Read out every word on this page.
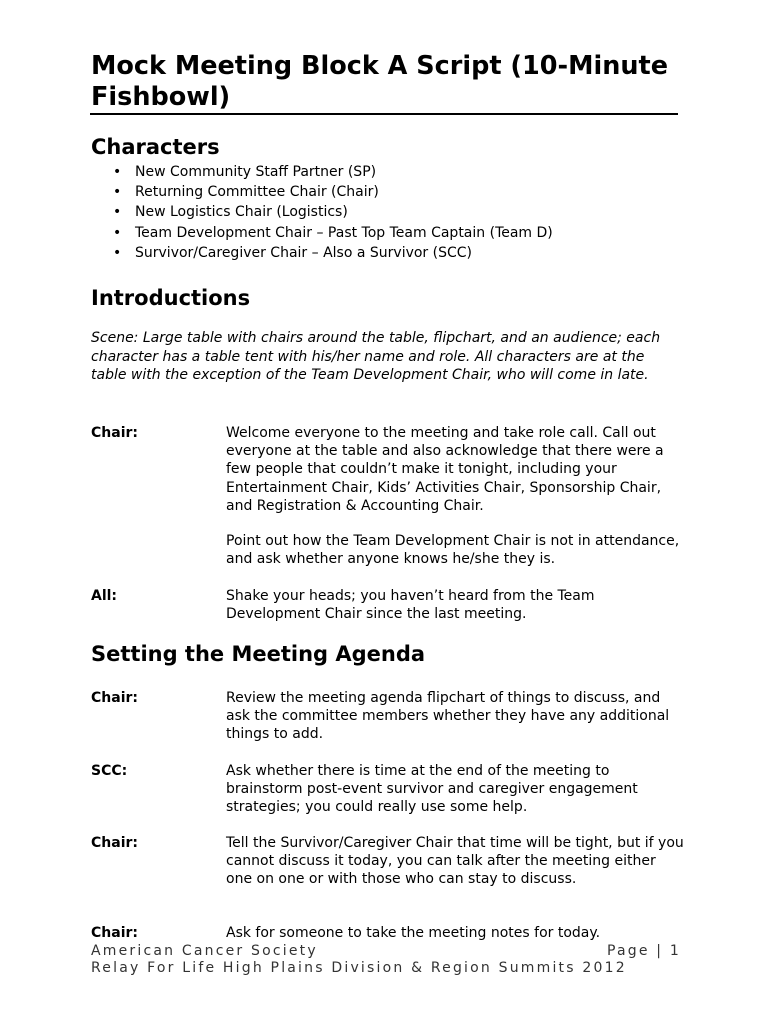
Mock Meeting Block A Script (10-Minute Fishbowl)
Characters
• New Community Staff Partner (SP)
• Returning Committee Chair (Chair)
• New Logistics Chair (Logistics)
• Team Development Chair – Past Top Team Captain (Team D)
• Survivor/Caregiver Chair – Also a Survivor (SCC)
Introductions
Scene: Large table with chairs around the table, flipchart, and an audience; each character has a table tent with his/her name and role. All characters are at the table with the exception of the Team Development Chair, who will come in late.
Chair:	Welcome everyone to the meeting and take role call. Call out everyone at the table and also acknowledge that there were a few people that couldn’t make it tonight, including your Entertainment Chair, Kids’ Activities Chair, Sponsorship Chair, and Registration & Accounting Chair.
Point out how the Team Development Chair is not in attendance, and ask whether anyone knows he/she they is.
All:	Shake your heads; you haven’t heard from the Team Development Chair since the last meeting.
Setting the Meeting Agenda
Chair:	Review the meeting agenda flipchart of things to discuss, and ask the committee members whether they have any additional things to add.
SCC:	Ask whether there is time at the end of the meeting to brainstorm post-event survivor and caregiver engagement strategies; you could really use some help.
Chair:	Tell the Survivor/Caregiver Chair that time will be tight, but if you cannot discuss it today, you can talk after the meeting either one on one or with those who can stay to discuss.
Chair:	Ask for someone to take the meeting notes for today.
American Cancer Society	Page | 1
Relay For Life High Plains Division & Region Summits 2012
